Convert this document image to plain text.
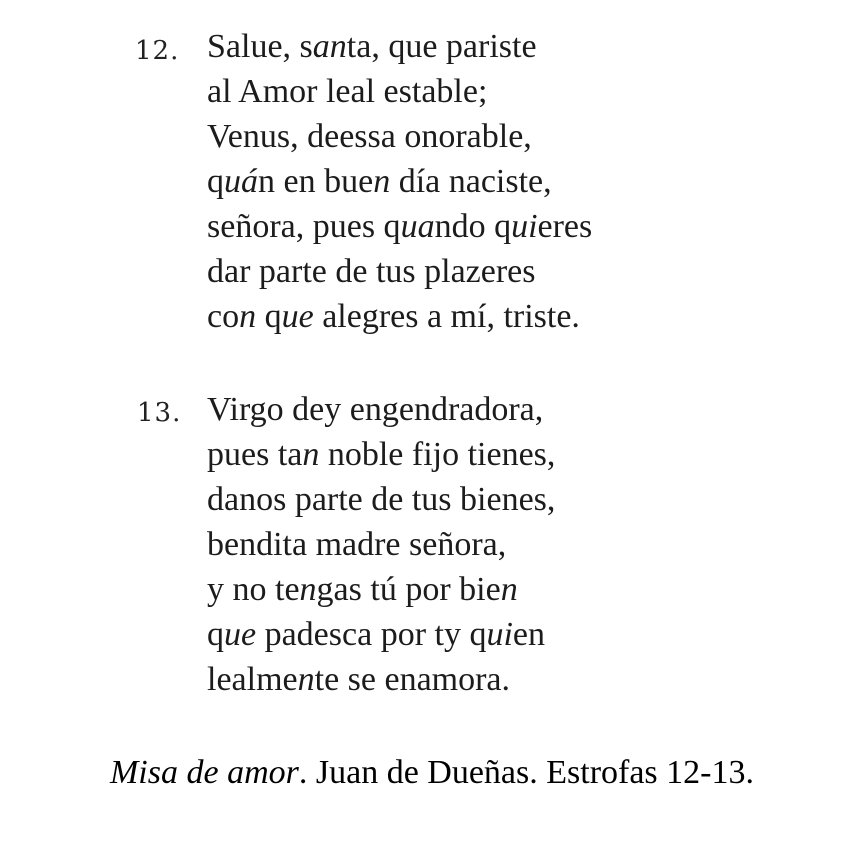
12. Salue, santa, que pariste
al Amor leal estable;
Venus, deessa onorable,
quán en buen día naciste,
señora, pues quando quieres
dar parte de tus plazeres
con que alegres a mí, triste.
13. Virgo dey engendradora,
pues tan noble fijo tienes,
danos parte de tus bienes,
bendita madre señora,
y no tengas tú por bien
que padesca por ty quien
lealmente se enamora.
Misa de amor. Juan de Dueñas. Estrofas 12-13.
